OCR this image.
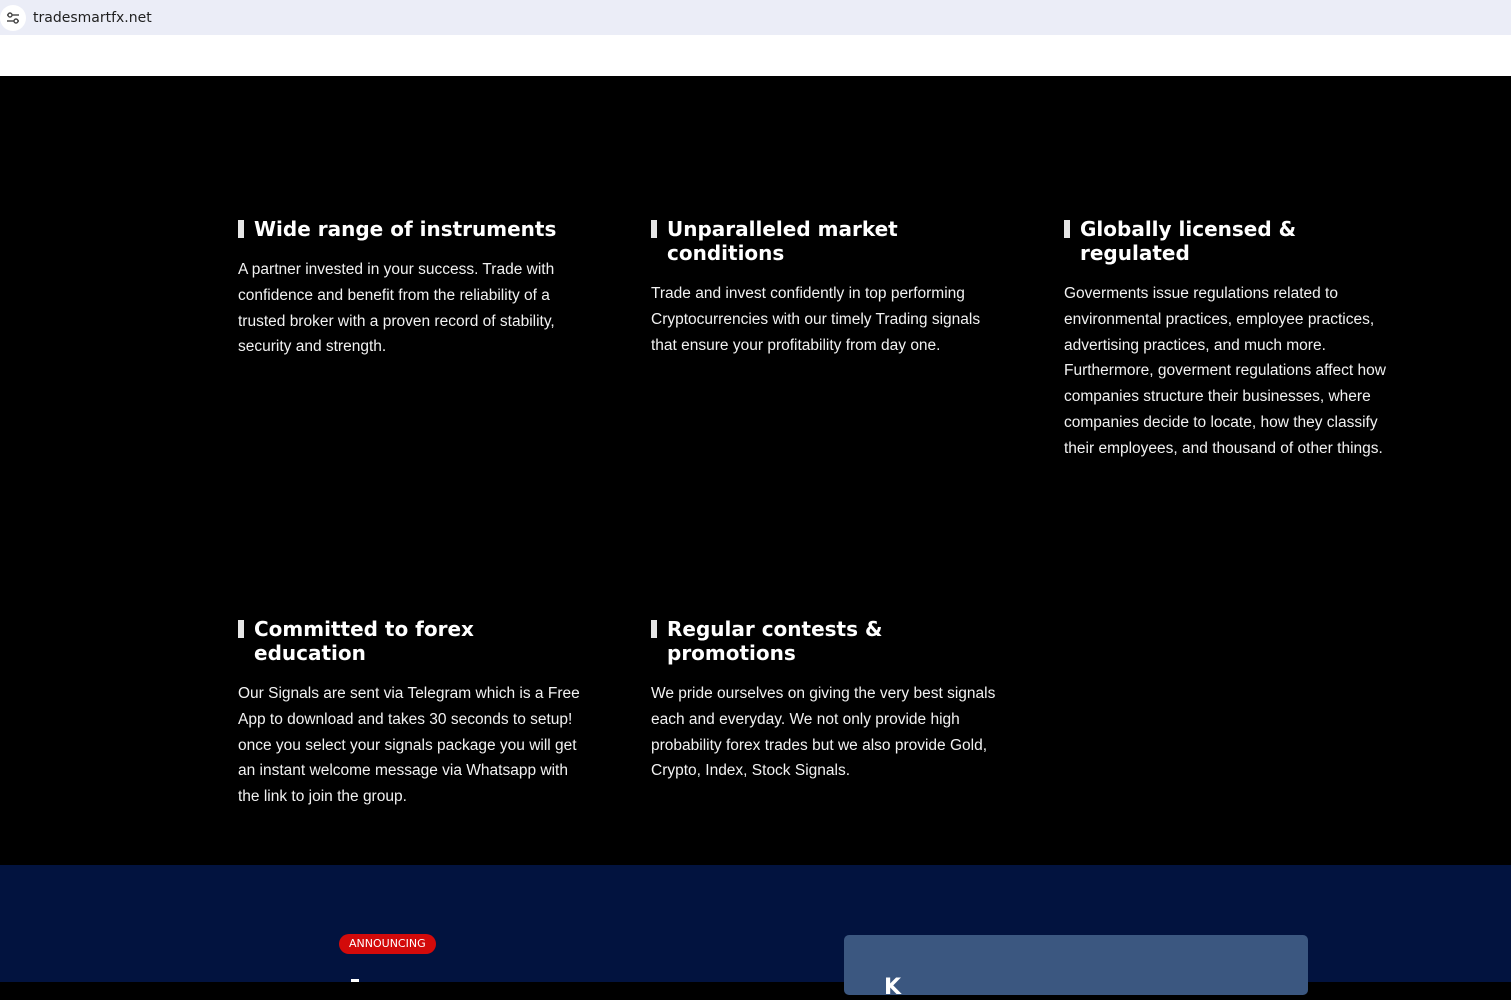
tradesmartfx.net
Wide range of instruments

A partner invested in your success. Trade with confidence and benefit from the reliability of a trusted broker with a proven record of stability, security and strength.

Unparalleled market conditions

Trade and invest confidently in top performing Cryptocurrencies with our timely Trading signals that ensure your profitability from day one.

Globally licensed & regulated

Goverments issue regulations related to environmental practices, employee practices, advertising practices, and much more. Furthermore, goverment regulations affect how companies structure their businesses, where companies decide to locate, how they classify their employees, and thousand of other things.

Committed to forex education

Our Signals are sent via Telegram which is a Free App to download and takes 30 seconds to setup! once you select your signals package you will get an instant welcome message via Whatsapp with the link to join the group.

Regular contests & promotions

We pride ourselves on giving the very best signals each and everyday. We not only provide high probability forex trades but we also provide Gold, Crypto, Index, Stock Signals.

ANNOUNCING
K
